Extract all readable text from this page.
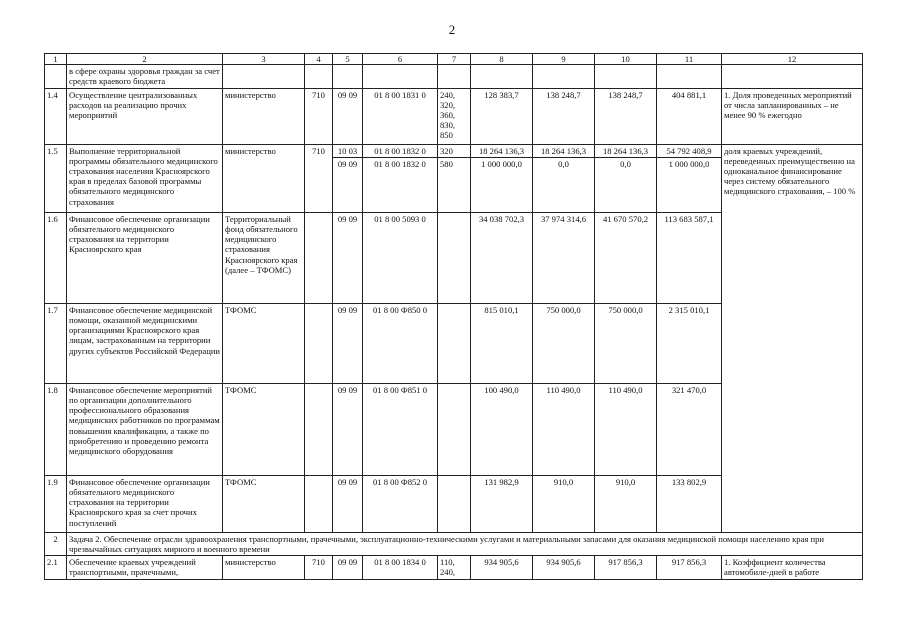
2
1	2	3	4	5	6	7	8	9	10	11	12
	в сфере охраны здоровья граждан за счет средств краевого бюджета										
1.4	Осуществление централизованных расходов на реализацию прочих мероприятий	министерство	710	09 09	01 8 00 1831 0	240, 320, 360, 830, 850	128 383,7	138 248,7	138 248,7	404 881,1	1. Доля проведенных мероприятий от числа запланированных – не менее 90 % ежегодно
1.5	Выполнение территориальной программы обязательного медицинского страхования населения Красноярского края в пределах базовой программы обязательного медицинского страхования	министерство	710	10 03	01 8 00 1832 0	320	18 264 136,3	18 264 136,3	18 264 136,3	54 792 408,9	доля краевых учреждений, переведенных преимущественно на одноканальное финансирование через систему обязательного медицинского страхования, – 100 %
				09 09	01 8 00 1832 0	580	1 000 000,0	0,0	0,0	1 000 000,0	
1.6	Финансовое обеспечение организации обязательного медицинского страхования на территории Красноярского края	Территориальный фонд обязательного медицинского страхования Красноярского края (далее – ТФОМС)		09 09	01 8 00 5093 0		34 038 702,3	37 974 314,6	41 670 570,2	113 683 587,1	
1.7	Финансовое обеспечение медицинской помощи, оказанной медицинскими организациями Красноярского края лицам, застрахованным на территории других субъектов Российской Федерации	ТФОМС		09 09	01 8 00 Ф850 0		815 010,1	750 000,0	750 000,0	2 315 010,1	
1.8	Финансовое обеспечение мероприятий по организации дополнительного профессионального образования медицинских работников по программам повышения квалификации, а также по приобретению и проведению ремонта медицинского оборудования	ТФОМС		09 09	01 8 00 Ф851 0		100 490,0	110 490,0	110 490,0	321 470,0	
1.9	Финансовое обеспечение организации обязательного медицинского страхования на территории Красноярского края за счет прочих поступлений	ТФОМС		09 09	01 8 00 Ф852 0		131 982,9	910,0	910,0	133 802,9	
2	Задача 2. Обеспечение отрасли здравоохранения транспортными, прачечными, эксплуатационно-техническими услугами и материальными запасами для оказания медицинской помощи населению края при чрезвычайных ситуациях мирного и военного времени										
2.1	Обеспечение краевых учреждений транспортными, прачечными,	министерство	710	09 09	01 8 00 1834 0	110, 240,	934 905,6	934 905,6	917 856,3	917 856,3	1. Коэффициент количества автомобиле-дней в работе
